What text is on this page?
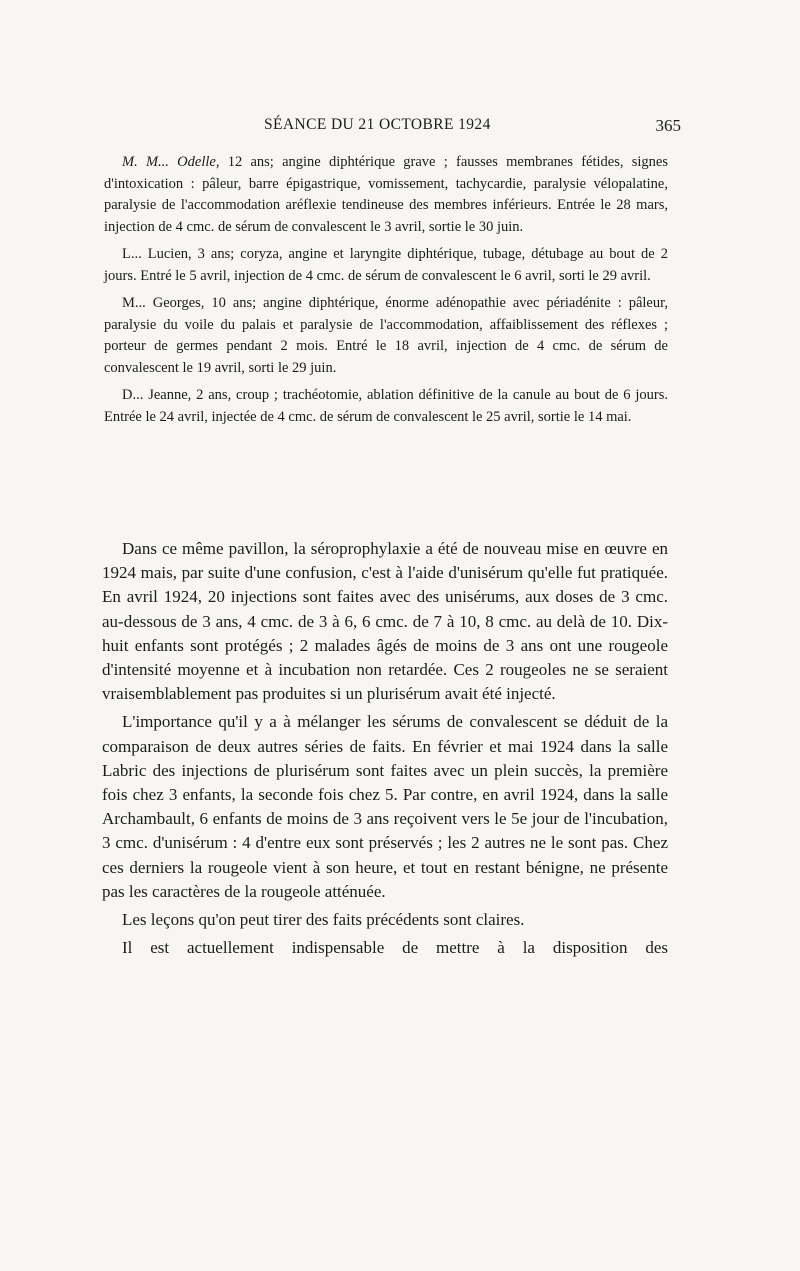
SÉANCE DU 21 OCTOBRE 1924	365

M. M... Odelle, 12 ans; angine diphtérique grave ; fausses membranes fétides, signes d'intoxication : pâleur, barre épigastrique, vomissement, tachycardie, paralysie vélopalatine, paralysie de l'accommodation aréflexie tendineuse des membres inférieurs. Entrée le 28 mars, injection de 4 cmc. de sérum de convalescent le 3 avril, sortie le 30 juin.

L... Lucien, 3 ans; coryza, angine et laryngite diphtérique, tubage, détubage au bout de 2 jours. Entré le 5 avril, injection de 4 cmc. de sérum de convalescent le 6 avril, sorti le 29 avril.

M... Georges, 10 ans; angine diphtérique, énorme adénopathie avec périadénite : pâleur, paralysie du voile du palais et paralysie de l'accommodation, affaiblissement des réflexes ; porteur de germes pendant 2 mois. Entré le 18 avril, injection de 4 cmc. de sérum de convalescent le 19 avril, sorti le 29 juin.

D... Jeanne, 2 ans, croup ; trachéotomie, ablation définitive de la canule au bout de 6 jours. Entrée le 24 avril, injectée de 4 cmc. de sérum de convalescent le 25 avril, sortie le 14 mai.

Dans ce même pavillon, la séroprophylaxie a été de nouveau mise en œuvre en 1924 mais, par suite d'une confusion, c'est à l'aide d'unisérum qu'elle fut pratiquée. En avril 1924, 20 injections sont faites avec des unisérums, aux doses de 3 cmc. au-dessous de 3 ans, 4 cmc. de 3 à 6, 6 cmc. de 7 à 10, 8 cmc. au delà de 10. Dix-huit enfants sont protégés ; 2 malades âgés de moins de 3 ans ont une rougeole d'intensité moyenne et à incubation non retardée. Ces 2 rougeoles ne se seraient vraisemblablement pas produites si un plurisérum avait été injecté.

L'importance qu'il y a à mélanger les sérums de convalescent se déduit de la comparaison de deux autres séries de faits. En février et mai 1924 dans la salle Labric des injections de plurisérum sont faites avec un plein succès, la première fois chez 3 enfants, la seconde fois chez 5. Par contre, en avril 1924, dans la salle Archambault, 6 enfants de moins de 3 ans reçoivent vers le 5e jour de l'incubation, 3 cmc. d'unisérum : 4 d'entre eux sont préservés ; les 2 autres ne le sont pas. Chez ces derniers la rougeole vient à son heure, et tout en restant bénigne, ne présente pas les caractères de la rougeole atténuée.

Les leçons qu'on peut tirer des faits précédents sont claires.

Il est actuellement indispensable de mettre à la disposition des
